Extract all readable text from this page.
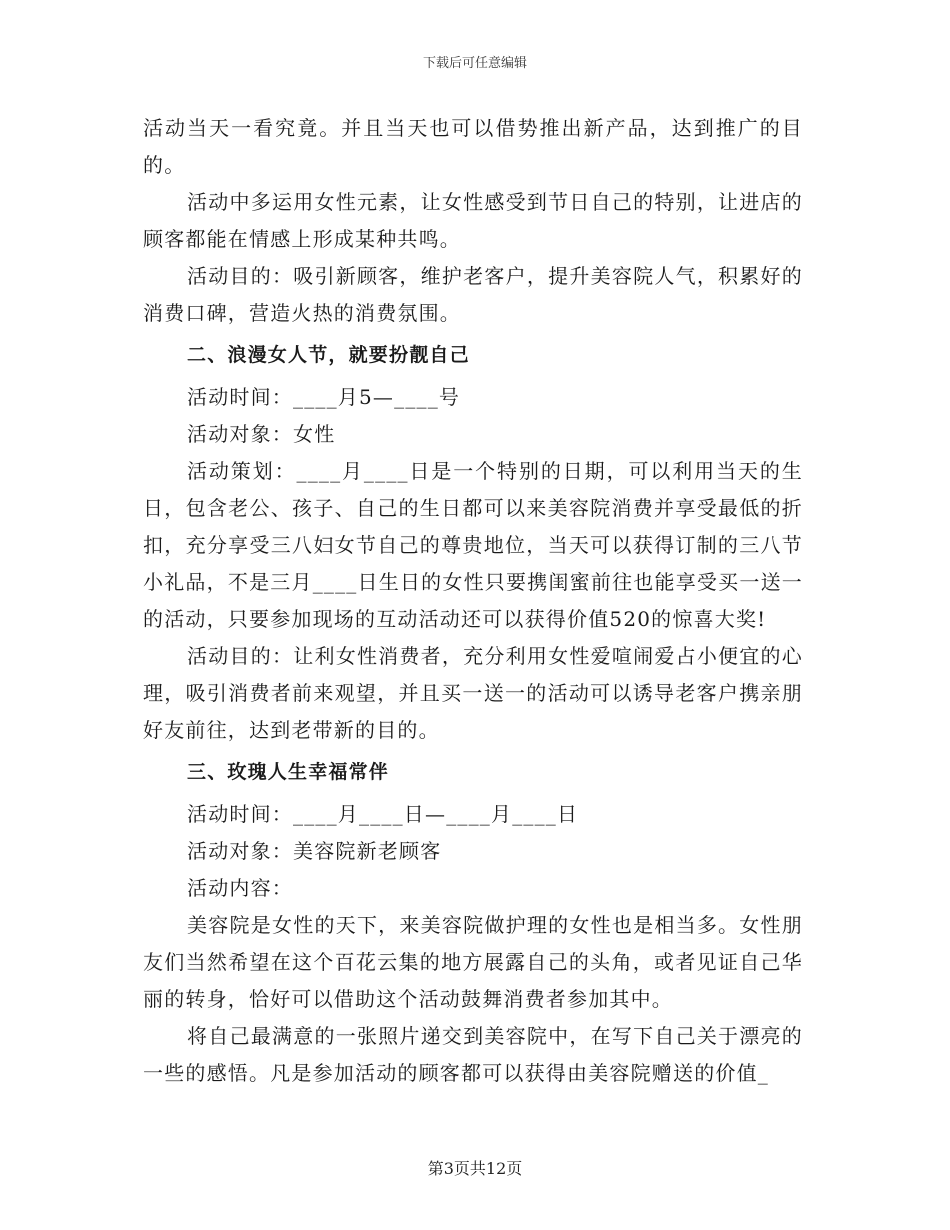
下载后可任意编辑

活动当天一看究竟。并且当天也可以借势推出新产品，达到推广的目的。

活动中多运用女性元素，让女性感受到节日自己的特别，让进店的顾客都能在情感上形成某种共鸣。

活动目的：吸引新顾客，维护老客户，提升美容院人气，积累好的消费口碑，营造火热的消费氛围。

二、浪漫女人节，就要扮靓自己

活动时间：____月5—____号

活动对象：女性

活动策划：____月____日是一个特别的日期，可以利用当天的生日，包含老公、孩子、自己的生日都可以来美容院消费并享受最低的折扣，充分享受三八妇女节自己的尊贵地位，当天可以获得订制的三八节小礼品，不是三月____日生日的女性只要携闺蜜前往也能享受买一送一的活动，只要参加现场的互动活动还可以获得价值520的惊喜大奖!

活动目的：让利女性消费者，充分利用女性爱喧闹爱占小便宜的心理，吸引消费者前来观望，并且买一送一的活动可以诱导老客户携亲朋好友前往，达到老带新的目的。

三、玫瑰人生幸福常伴

活动时间：____月____日—____月____日

活动对象：美容院新老顾客

活动内容：

美容院是女性的天下，来美容院做护理的女性也是相当多。女性朋友们当然希望在这个百花云集的地方展露自己的头角，或者见证自己华丽的转身，恰好可以借助这个活动鼓舞消费者参加其中。

将自己最满意的一张照片递交到美容院中，在写下自己关于漂亮的一些的感悟。凡是参加活动的顾客都可以获得由美容院赠送的价值_

第3页共12页
